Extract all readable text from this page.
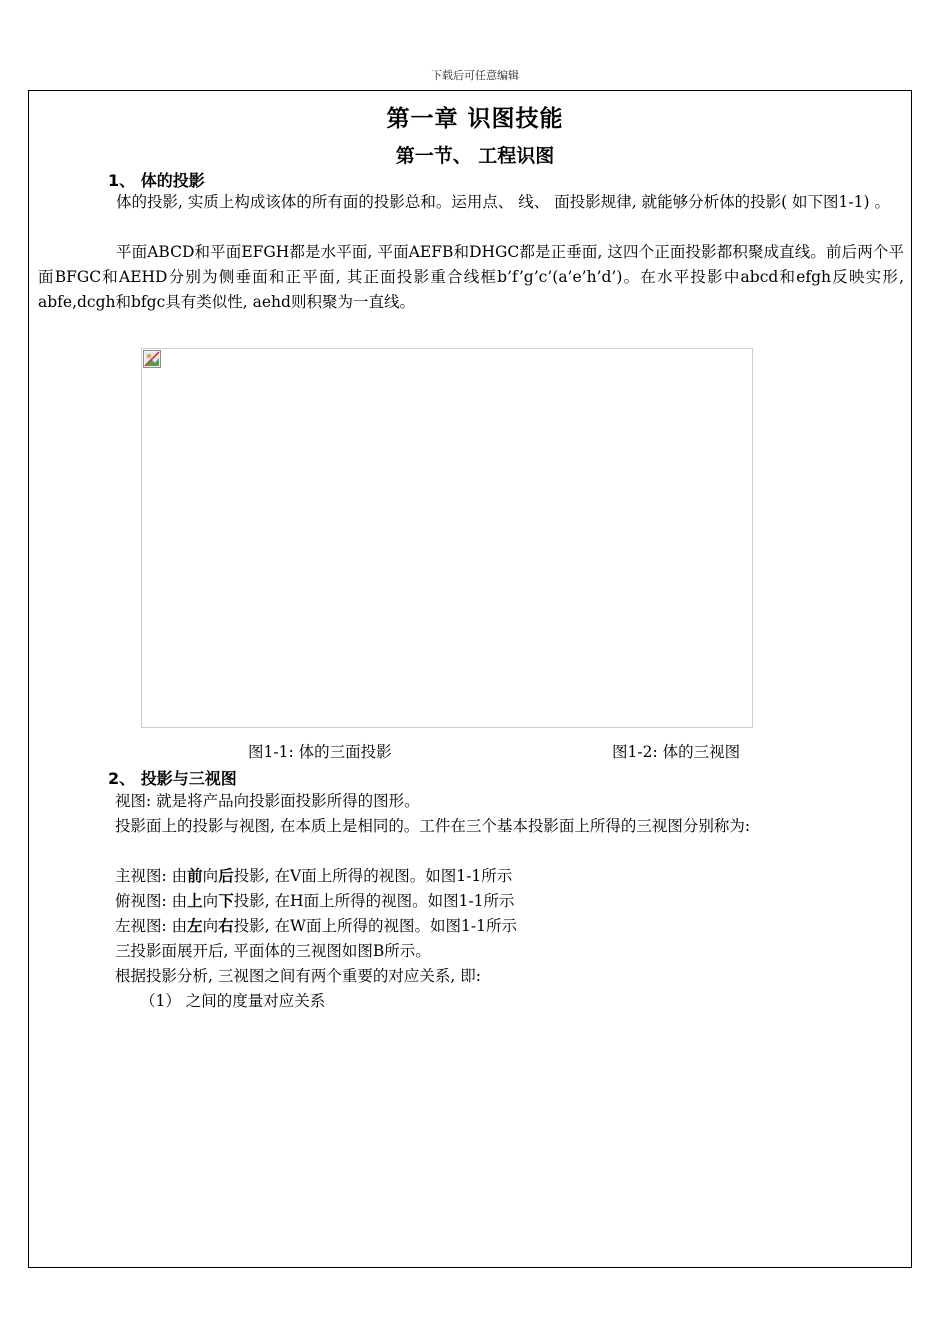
下载后可任意编辑
第一章 识图技能
第一节、 工程识图
1、 体的投影
体的投影, 实质上构成该体的所有面的投影总和。运用点、 线、 面投影规律, 就能够分析体的投影( 如下图1-1) 。
平面ABCD和平面EFGH都是水平面, 平面AEFB和DHGC都是正垂面, 这四个正面投影都积聚成直线。前后两个平面BFGC和AEHD分别为侧垂面和正平面, 其正面投影重合线框b’f’g’c’(a’e’h’d’)。在水平投影中abcd和efgh反映实形, abfe,dcgh和bfgc具有类似性, aehd则积聚为一直线。
图1-1: 体的三面投影	图1-2: 体的三视图
2、 投影与三视图
视图: 就是将产品向投影面投影所得的图形。
投影面上的投影与视图, 在本质上是相同的。工件在三个基本投影面上所得的三视图分别称为:
主视图: 由前向后投影, 在V面上所得的视图。如图1-1所示
俯视图: 由上向下投影, 在H面上所得的视图。如图1-1所示
左视图: 由左向右投影, 在W面上所得的视图。如图1-1所示
三投影面展开后, 平面体的三视图如图B所示。
根据投影分析, 三视图之间有两个重要的对应关系, 即:
（1） 之间的度量对应关系
